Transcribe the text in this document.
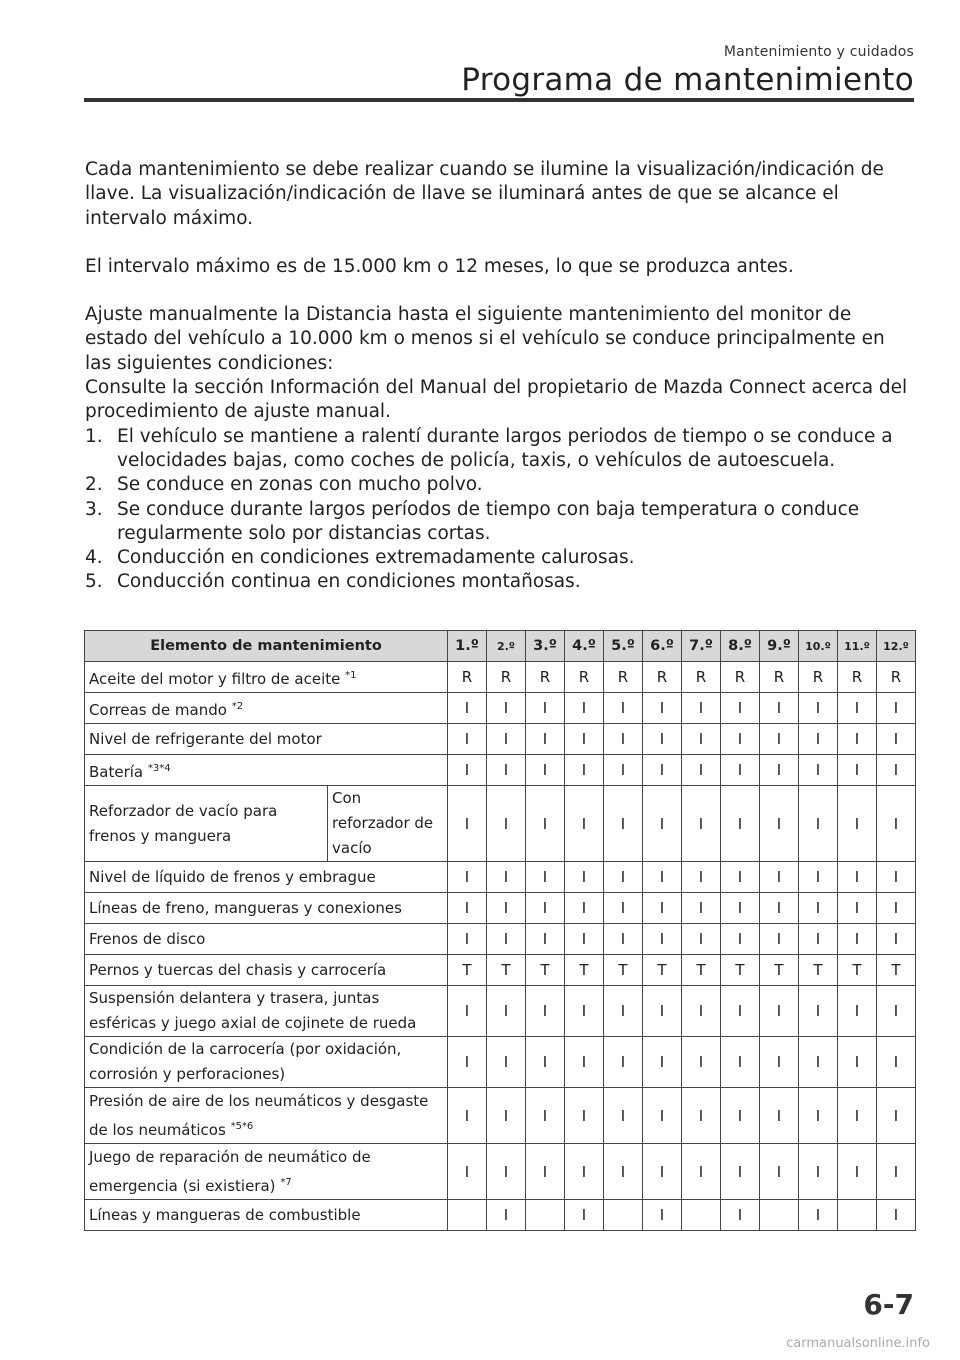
Mantenimiento y cuidados
Programa de mantenimiento

Cada mantenimiento se debe realizar cuando se ilumine la visualización/indicación de llave. La visualización/indicación de llave se iluminará antes de que se alcance el intervalo máximo.

El intervalo máximo es de 15.000 km o 12 meses, lo que se produzca antes.

Ajuste manualmente la Distancia hasta el siguiente mantenimiento del monitor de estado del vehículo a 10.000 km o menos si el vehículo se conduce principalmente en las siguientes condiciones:

Consulte la sección Información del Manual del propietario de Mazda Connect acerca del procedimiento de ajuste manual.

1. El vehículo se mantiene a ralentí durante largos periodos de tiempo o se conduce a velocidades bajas, como coches de policía, taxis, o vehículos de autoescuela.
2. Se conduce en zonas con mucho polvo.
3. Se conduce durante largos períodos de tiempo con baja temperatura o conduce regularmente solo por distancias cortas.
4. Conducción en condiciones extremadamente calurosas.
5. Conducción continua en condiciones montañosas.
Elemento de mantenimiento		1.º	2.º	3.º	4.º	5.º	6.º	7.º	8.º	9.º	10.º	11.º	12.º
Aceite del motor y filtro de aceite $^{*1}$		R	R	R	R	R	R	R	R	R	R	R	R
Correas de mando $^{*2}$		I	I	I	I	I	I	I	I	I	I	I	I
Nivel de refrigerante del motor		I	I	I	I	I	I	I	I	I	I	I	I
Batería $^{*3*4}$		I	I	I	I	I	I	I	I	I	I	I	I
Reforzador de vacío para frenos y manguera	Con reforzador de vacío	I	I	I	I	I	I	I	I	I	I	I	I
Nivel de líquido de frenos y embrague		I	I	I	I	I	I	I	I	I	I	I	I
Líneas de freno, mangueras y conexiones		I	I	I	I	I	I	I	I	I	I	I	I
Frenos de disco		I	I	I	I	I	I	I	I	I	I	I	I
Pernos y tuercas del chasis y carrocería		T	T	T	T	T	T	T	T	T	T	T	T
Suspensión delantera y trasera, juntas esféricas y juego axial de cojinete de rueda		I	I	I	I	I	I	I	I	I	I	I	I
Condición de la carrocería (por oxidación, corrosión y perforaciones)		I	I	I	I	I	I	I	I	I	I	I	I
Presión de aire de los neumáticos y desgaste de los neumáticos $^{*5*6}$		I	I	I	I	I	I	I	I	I	I	I	I
Juego de reparación de neumático de emergencia (si existiera) $^{*7}$		I	I	I	I	I	I	I	I	I	I	I	I
Líneas y mangueras de combustible			I		I		I		I		I		I
6-7
carmanualsonline.info
